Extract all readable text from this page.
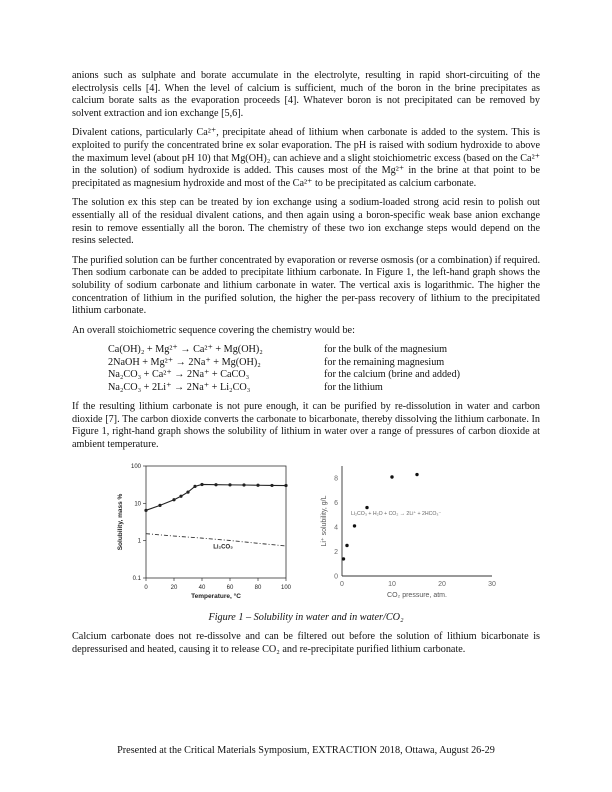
anions such as sulphate and borate accumulate in the electrolyte, resulting in rapid short-circuiting of the electrolysis cells [4]. When the level of calcium is sufficient, much of the boron in the brine precipitates as calcium borate salts as the evaporation proceeds [4]. Whatever boron is not precipitated can be removed by solvent extraction and ion exchange [5,6].

Divalent cations, particularly Ca²⁺, precipitate ahead of lithium when carbonate is added to the system. This is exploited to purify the concentrated brine ex solar evaporation. The pH is raised with sodium hydroxide to above the maximum level (about pH 10) that Mg(OH)₂ can achieve and a slight stoichiometric excess (based on the Ca²⁺ in the solution) of sodium hydroxide is added. This causes most of the Mg²⁺ in the brine at that point to be precipitated as magnesium hydroxide and most of the Ca²⁺ to be precipitated as calcium carbonate.

The solution ex this step can be treated by ion exchange using a sodium-loaded strong acid resin to polish out essentially all of the residual divalent cations, and then again using a boron-specific weak base anion exchange resin to remove essentially all the boron. The chemistry of these two ion exchange steps would depend on the resins selected.

The purified solution can be further concentrated by evaporation or reverse osmosis (or a combination) if required. Then sodium carbonate can be added to precipitate lithium carbonate. In Figure 1, the left-hand graph shows the solubility of sodium carbonate and lithium carbonate in water. The vertical axis is logarithmic. The higher the concentration of lithium in the purified solution, the higher the per-pass recovery of lithium to the precipitated lithium carbonate.

An overall stoichiometric sequence covering the chemistry would be:

Ca(OH)₂ + Mg²⁺ → Ca²⁺ + Mg(OH)₂	for the bulk of the magnesium
2NaOH + Mg²⁺ → 2Na⁺ + Mg(OH)₂	for the remaining magnesium
Na₂CO₃ + Ca²⁺ → 2Na⁺ + CaCO₃	for the calcium (brine and added)
Na₂CO₃ + 2Li⁺ → 2Na⁺ + Li₂CO₃	for the lithium

If the resulting lithium carbonate is not pure enough, it can be purified by re-dissolution in water and carbon dioxide [7]. The carbon dioxide converts the carbonate to bicarbonate, thereby dissolving the lithium carbonate. In Figure 1, right-hand graph shows the solubility of lithium in water over a range of pressures of carbon dioxide at ambient temperature.

0	20	40	60	80	100
0.1
1
10
100
Temperature, °C
Solubility, mass %	Li₂CO₃
0	10	20	30
0
2
4
6
8
CO₂ pressure, atm.
Li⁺ solubility, g/L	Li₂CO₃ + H₂O + CO₂ → 2Li⁺ + 2HCO₃⁻
Figure 1 – Solubility in water and in water/CO₂

Calcium carbonate does not re-dissolve and can be filtered out before the solution of lithium bicarbonate is depressurised and heated, causing it to release CO₂ and re-precipitate purified lithium carbonate.

Presented at the Critical Materials Symposium, EXTRACTION 2018, Ottawa, August 26-29
